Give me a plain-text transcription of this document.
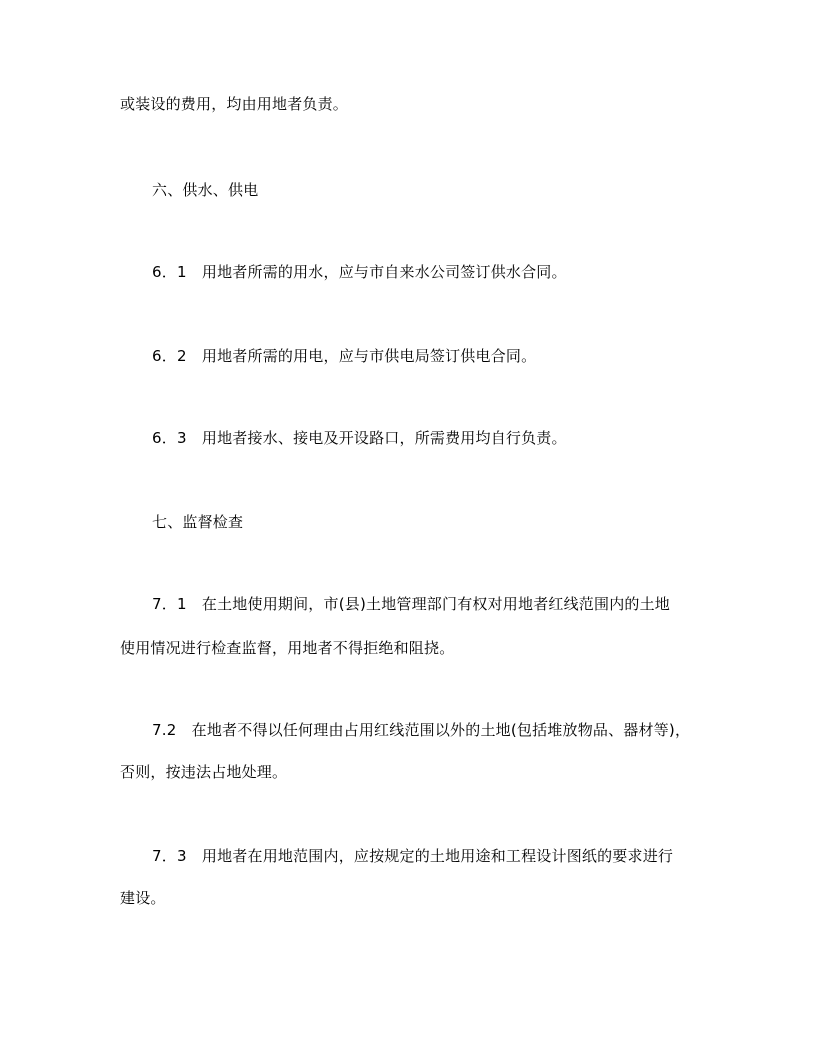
或装设的费用，均由用地者负责。
六、供水、供电
6．1　用地者所需的用水，应与市自来水公司签订供水合同。
6．2　用地者所需的用电，应与市供电局签订供电合同。
6．3　用地者接水、接电及开设路口，所需费用均自行负责。
七、监督检查
7．1　在土地使用期间，市(县)土地管理部门有权对用地者红线范围内的土地
使用情况进行检查监督，用地者不得拒绝和阻挠。
7.2　在地者不得以任何理由占用红线范围以外的土地(包括堆放物品、器材等)，
否则，按违法占地处理。
7．3　用地者在用地范围内，应按规定的土地用途和工程设计图纸的要求进行
建设。
